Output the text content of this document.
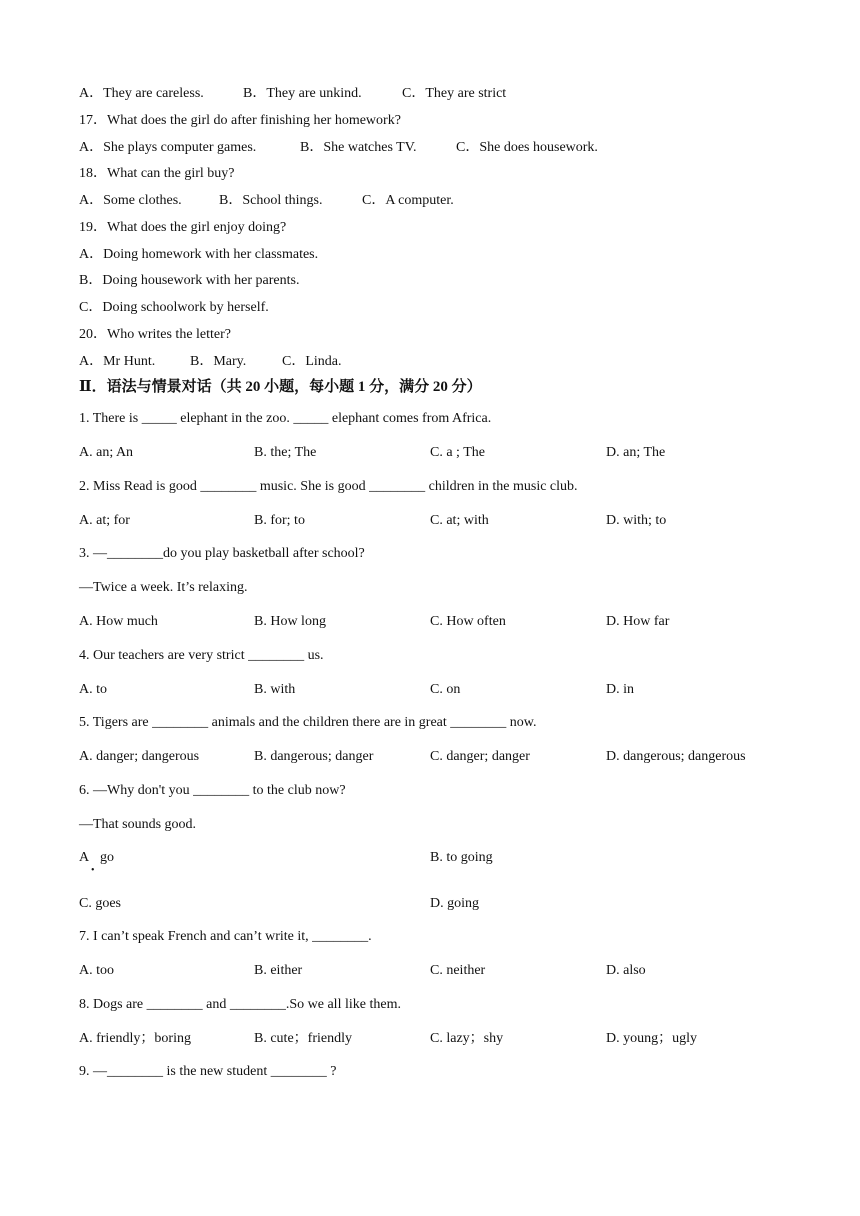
A．They are careless.	B．They are unkind.	C．They are strict
17．What does the girl do after finishing her homework?
A．She plays computer games.	B．She watches TV.	C．She does housework.
18．What can the girl buy?
A．Some clothes.	B．School things.	C．A computer.
19．What does the girl enjoy doing?
A．Doing homework with her classmates.
B．Doing housework with her parents.
C．Doing schoolwork by herself.
20．Who writes the letter?
A．Mr Hunt. B．Mary.	C．Linda.
Ⅱ．语法与情景对话（共 20 小题，每小题 1 分，满分 20 分）
1. There is _____ elephant in the zoo. _____ elephant comes from Africa.
A. an; An	B. the; The	C. a ; The	D. an; The
2. Miss Read is good ________ music. She is good ________ children in the music club.
A. at; for	B. for; to	C. at; with	D. with; to
3. —________do you play basketball after school?
—Twice a week. It’s relaxing.
A. How much	B. How long	C. How often	D. How far
4. Our teachers are very strict ________ us.
A. to	B. with	C. on	D. in
5. Tigers are ________ animals and the children there are in great ________ now.
A. danger; dangerous	B. dangerous; danger	C. danger; danger	D. dangerous; dangerous
6. —Why don't you ________ to the club now?
—That sounds good.
A go	B. to going
•
C. goes	D. going
7. I can’t speak French and can’t write it, ________.
A. too	B. either	C. neither	D. also
8. Dogs are ________ and ________.So we all like them.
A. friendly；boring	B. cute；friendly	C. lazy；shy	D. young；ugly
9. —________ is the new student ________ ?
